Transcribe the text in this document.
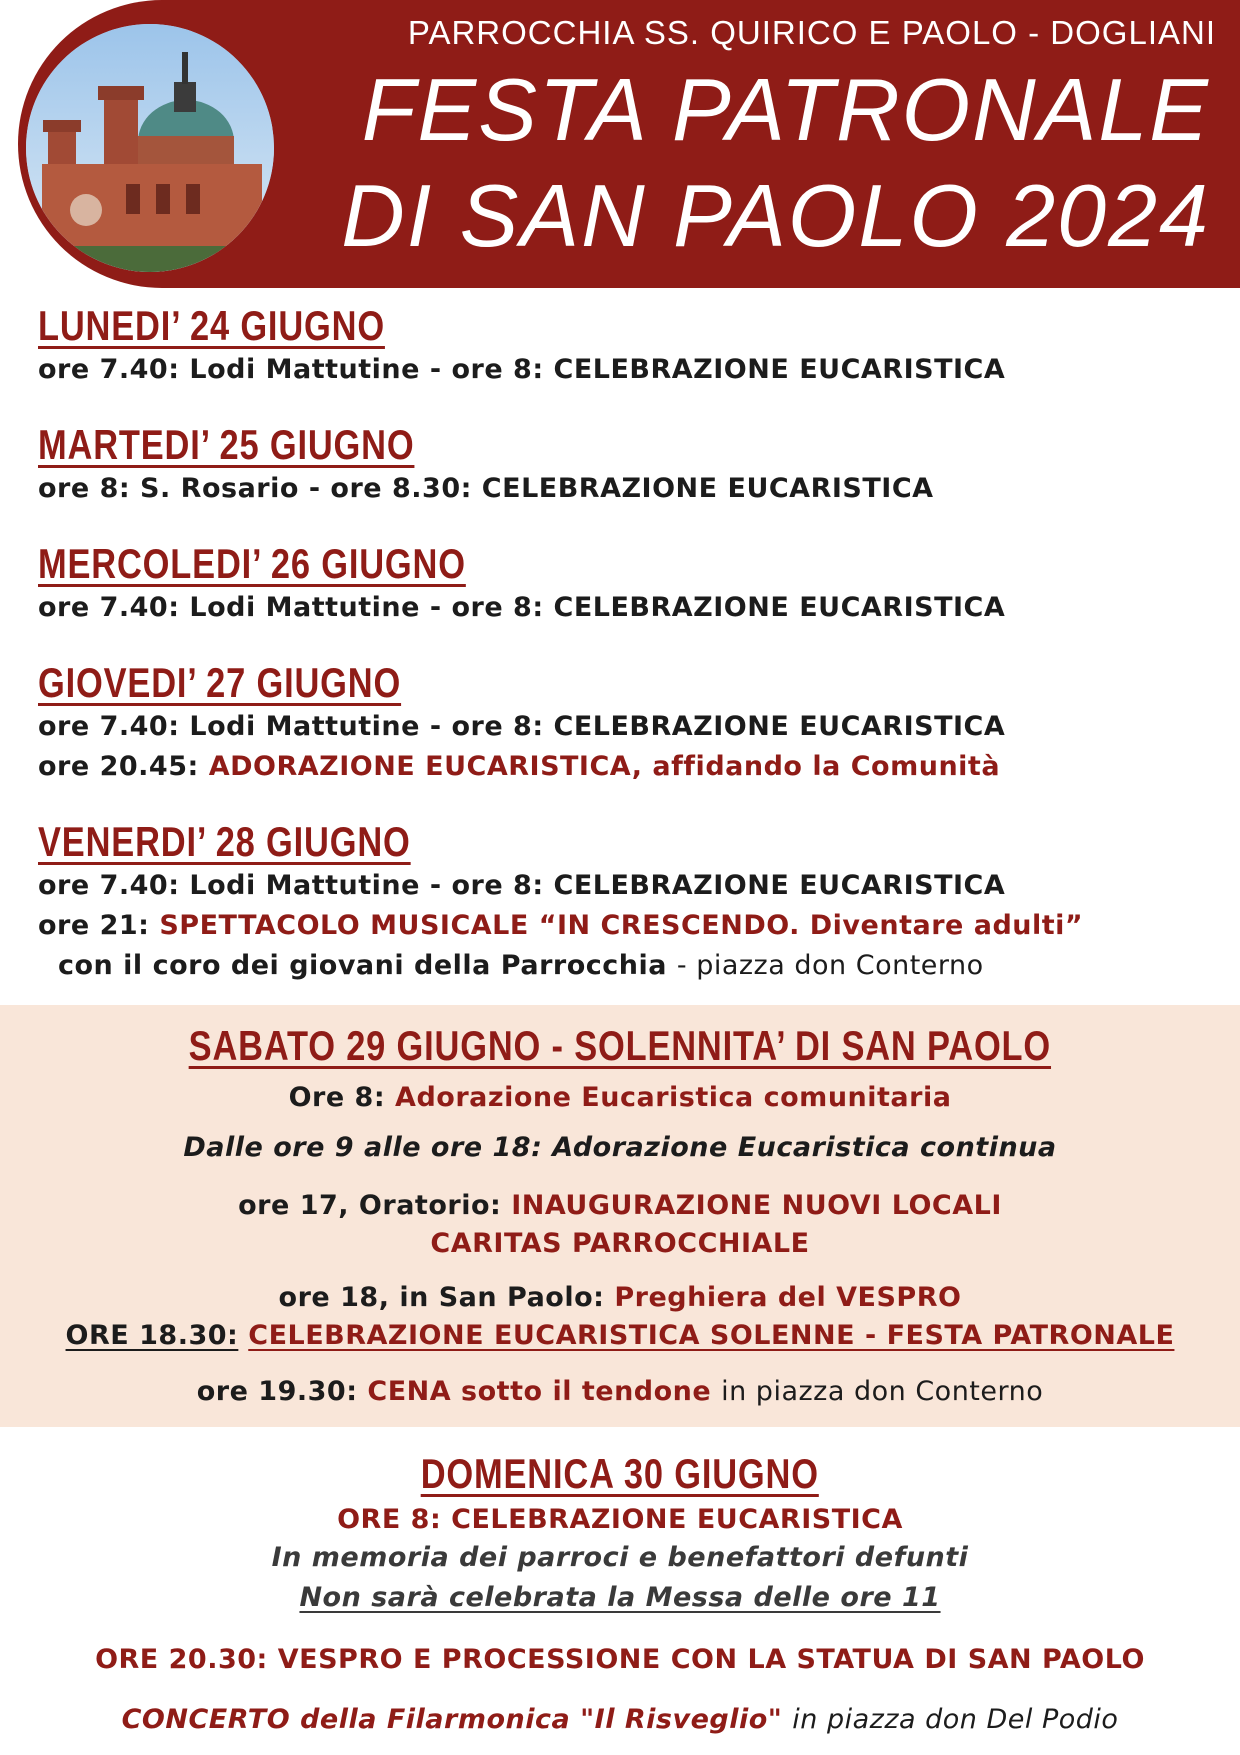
PARROCCHIA SS. QUIRICO E PAOLO - DOGLIANI
FESTA PATRONALE
DI SAN PAOLO 2024
LUNEDI’ 24 GIUGNO
ore 7.40: Lodi Mattutine - ore 8: CELEBRAZIONE EUCARISTICA
MARTEDI’ 25 GIUGNO
ore 8: S. Rosario - ore 8.30: CELEBRAZIONE EUCARISTICA
MERCOLEDI’ 26 GIUGNO
ore 7.40: Lodi Mattutine - ore 8: CELEBRAZIONE EUCARISTICA
GIOVEDI’ 27 GIUGNO
ore 7.40: Lodi Mattutine - ore 8: CELEBRAZIONE EUCARISTICA
ore 20.45: ADORAZIONE EUCARISTICA, affidando la Comunità
VENERDI’ 28 GIUGNO
ore 7.40: Lodi Mattutine - ore 8: CELEBRAZIONE EUCARISTICA
ore 21: SPETTACOLO MUSICALE “IN CRESCENDO. Diventare adulti”
con il coro dei giovani della Parrocchia - piazza don Conterno
SABATO 29 GIUGNO - SOLENNITA’ DI SAN PAOLO
Ore 8: Adorazione Eucaristica comunitaria
Dalle ore 9 alle ore 18: Adorazione Eucaristica continua
ore 17, Oratorio: INAUGURAZIONE NUOVI LOCALI
CARITAS PARROCCHIALE
ore 18, in San Paolo: Preghiera del VESPRO
ORE 18.30: CELEBRAZIONE EUCARISTICA SOLENNE - FESTA PATRONALE
ore 19.30: CENA sotto il tendone in piazza don Conterno
DOMENICA 30 GIUGNO
ORE 8: CELEBRAZIONE EUCARISTICA
In memoria dei parroci e benefattori defunti
Non sarà celebrata la Messa delle ore 11
ORE 20.30: VESPRO E PROCESSIONE CON LA STATUA DI SAN PAOLO
CONCERTO della Filarmonica "Il Risveglio" in piazza don Del Podio
